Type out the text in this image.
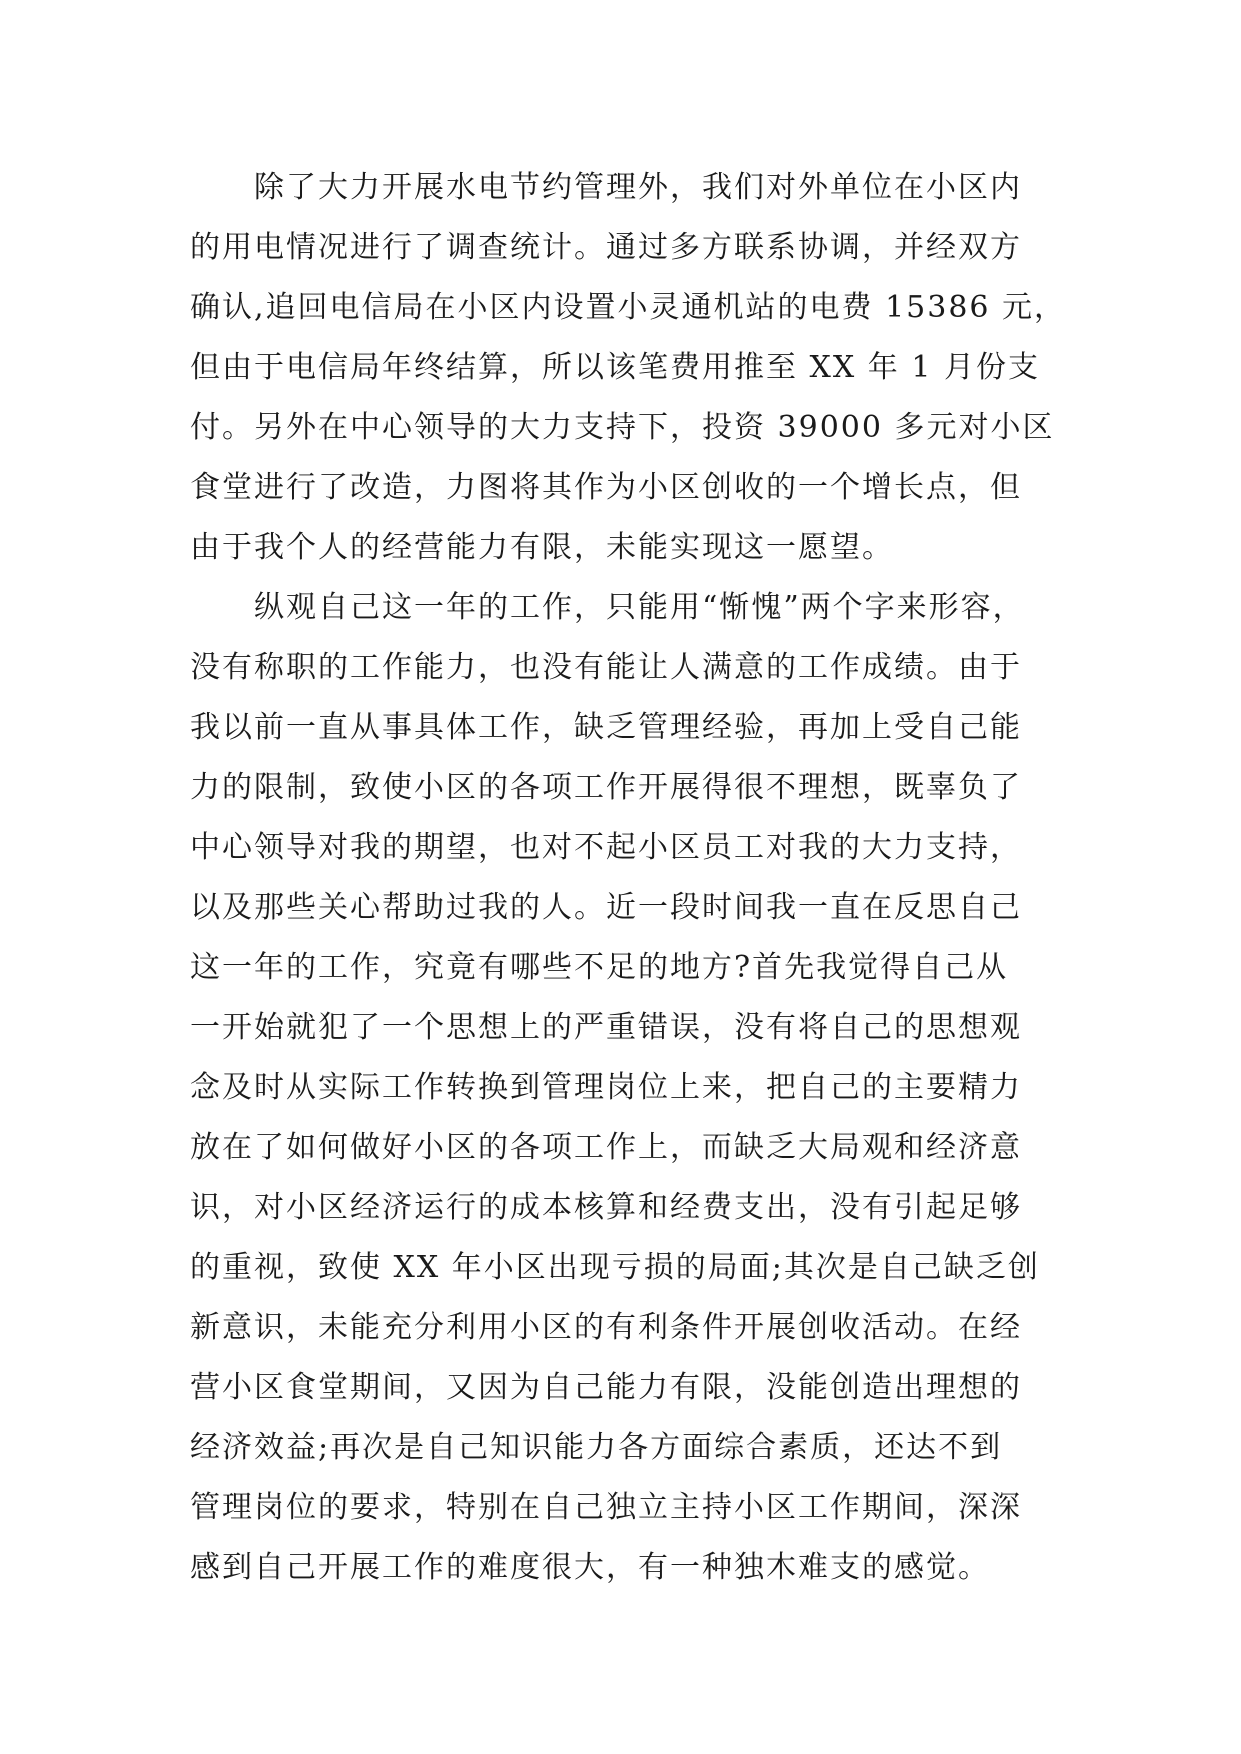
除了大力开展水电节约管理外，我们对外单位在小区内
的用电情况进行了调查统计。通过多方联系协调，并经双方
确认,追回电信局在小区内设置小灵通机站的电费 15386 元，
但由于电信局年终结算，所以该笔费用推至 XX 年 1 月份支
付。另外在中心领导的大力支持下，投资 39000 多元对小区
食堂进行了改造，力图将其作为小区创收的一个增长点，但
由于我个人的经营能力有限，未能实现这一愿望。
纵观自己这一年的工作，只能用“惭愧”两个字来形容，
没有称职的工作能力，也没有能让人满意的工作成绩。由于
我以前一直从事具体工作，缺乏管理经验，再加上受自己能
力的限制，致使小区的各项工作开展得很不理想，既辜负了
中心领导对我的期望，也对不起小区员工对我的大力支持，
以及那些关心帮助过我的人。近一段时间我一直在反思自己
这一年的工作，究竟有哪些不足的地方?首先我觉得自己从
一开始就犯了一个思想上的严重错误，没有将自己的思想观
念及时从实际工作转换到管理岗位上来，把自己的主要精力
放在了如何做好小区的各项工作上，而缺乏大局观和经济意
识，对小区经济运行的成本核算和经费支出，没有引起足够
的重视，致使 XX 年小区出现亏损的局面;其次是自己缺乏创
新意识，未能充分利用小区的有利条件开展创收活动。在经
营小区食堂期间，又因为自己能力有限，没能创造出理想的
经济效益;再次是自己知识能力各方面综合素质，还达不到
管理岗位的要求，特别在自己独立主持小区工作期间，深深
感到自己开展工作的难度很大，有一种独木难支的感觉。
